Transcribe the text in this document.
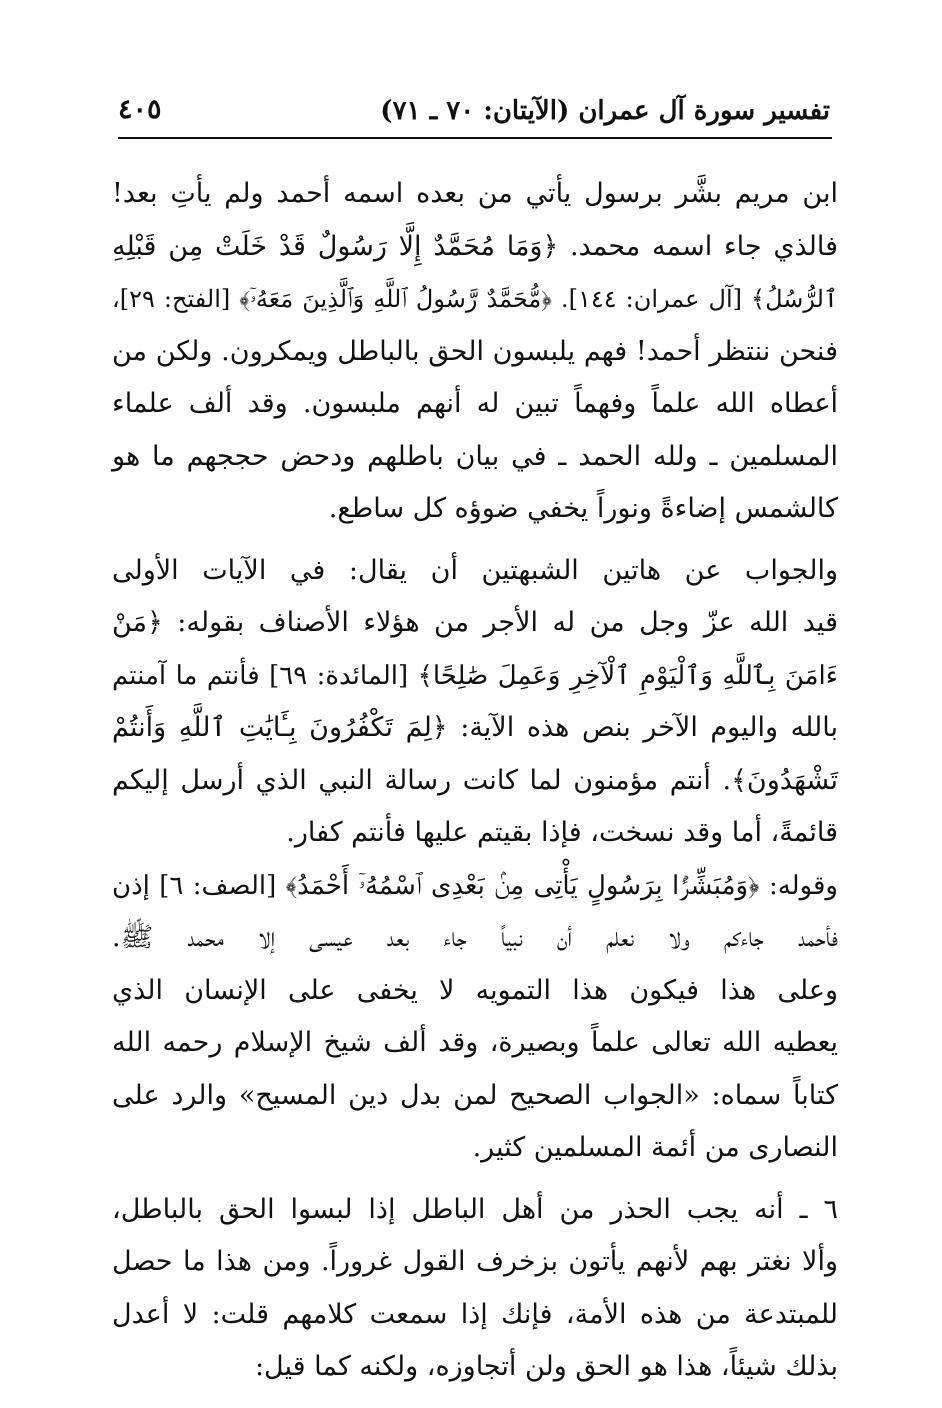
تفسير سورة آل عمران (الآيتان: ٧٠ ـ ٧١)
٤٠٥
ابن مريم بشَّر برسول يأتي من بعده اسمه أحمد ولم يأتِ بعد!
فالذي جاء اسمه محمد. ﴿وَمَا مُحَمَّدٌ إِلَّا رَسُولٌ قَدْ خَلَتْ مِن قَبْلِهِ
ٱلرُّسُلُ﴾ [آل عمران: ١٤٤]. ﴿مُّحَمَّدٌ رَّسُولُ ٱللَّهِ وَٱلَّذِينَ مَعَهُۥٓ﴾ [الفتح: ٢٩]،
فنحن ننتظر أحمد! فهم يلبسون الحق بالباطل ويمكرون. ولكن من
أعطاه الله علماً وفهماً تبين له أنهم ملبسون. وقد ألف علماء
المسلمين ـ ولله الحمد ـ في بيان باطلهم ودحض حججهم ما هو
كالشمس إضاءةً ونوراً يخفي ضوؤه كل ساطع.
والجواب عن هاتين الشبهتين أن يقال: في الآيات الأولى
قيد الله عزّ وجل من له الأجر من هؤلاء الأصناف بقوله: ﴿مَنْ
ءَامَنَ بِٱللَّهِ وَٱلْيَوْمِ ٱلْآخِرِ وَعَمِلَ صَٰلِحًا﴾ [المائدة: ٦٩] فأنتم ما آمنتم
بالله واليوم الآخر بنص هذه الآية: ﴿لِمَ تَكْفُرُونَ بِـَٔايَٰتِ ٱللَّهِ وَأَنتُمْ
تَشْهَدُونَ﴾. أنتم مؤمنون لما كانت رسالة النبي الذي أرسل إليكم
قائمةً، أما وقد نسخت، فإذا بقيتم عليها فأنتم كفار.
وقوله: ﴿وَمُبَشِّرًۢا بِرَسُولٍ يَأْتِى مِنۢ بَعْدِى ٱسْمُهُۥٓ أَحْمَدُ﴾ [الصف: ٦] إذن
فأحمد جاءكم ولا نعلم أن نبياً جاء بعد عيسى إلا محمد ﷺ.
وعلى هذا فيكون هذا التمويه لا يخفى على الإنسان الذي
يعطيه الله تعالى علماً وبصيرة، وقد ألف شيخ الإسلام رحمه الله
كتاباً سماه: «الجواب الصحيح لمن بدل دين المسيح» والرد على
النصارى من أئمة المسلمين كثير.
٦ ـ أنه يجب الحذر من أهل الباطل إذا لبسوا الحق بالباطل،
وألا نغتر بهم لأنهم يأتون بزخرف القول غروراً. ومن هذا ما حصل
للمبتدعة من هذه الأمة، فإنك إذا سمعت كلامهم قلت: لا أعدل
بذلك شيئاً، هذا هو الحق ولن أتجاوزه، ولكنه كما قيل:
